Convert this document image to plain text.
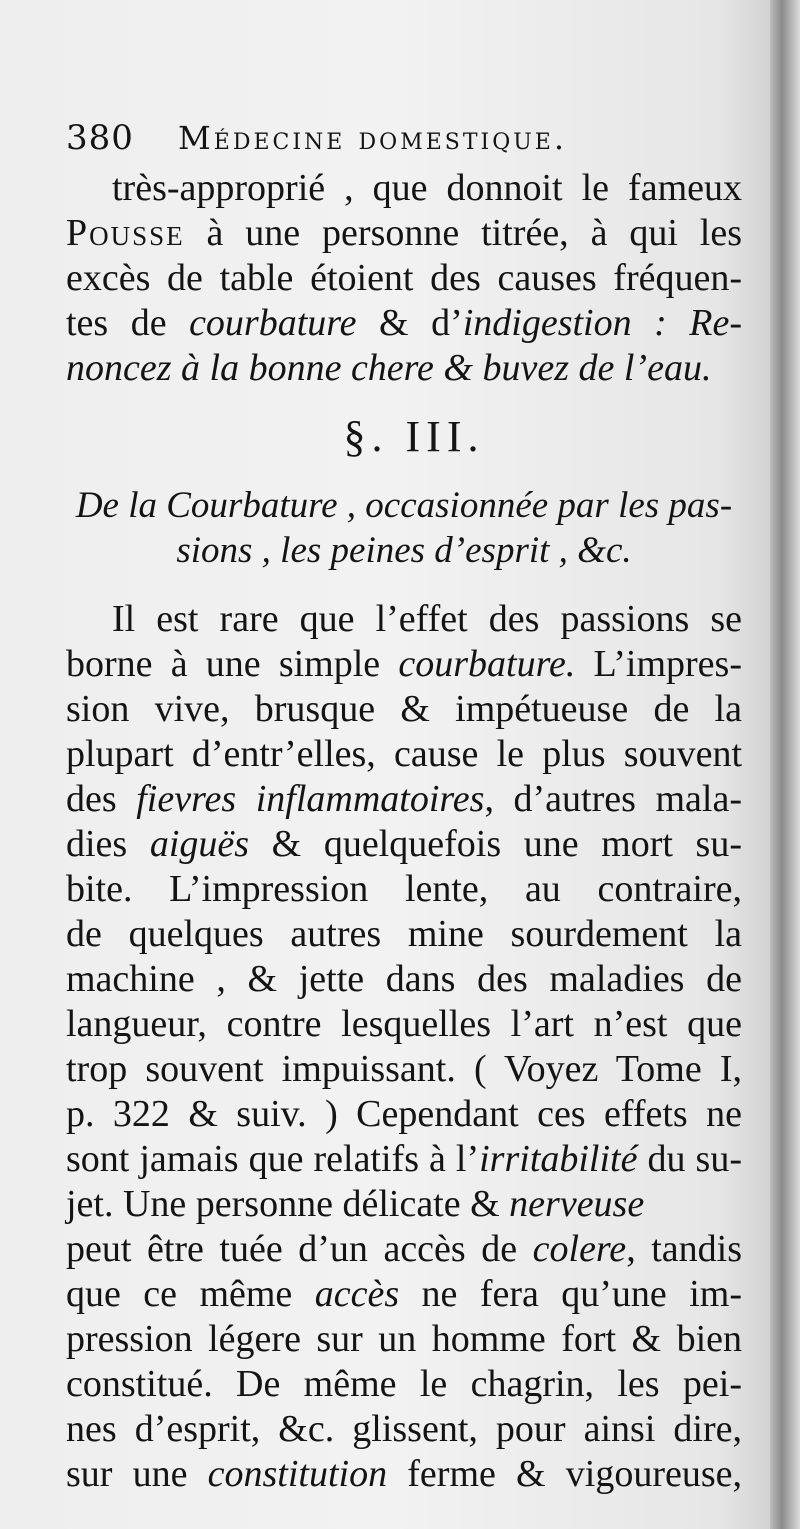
380	Médecine domestique.
très-approprié , que donnoit le fameux
Pousse à une personne titrée, à qui les
excès de table étoient des causes fréquen-
tes de courbature & d’indigestion : Re-
noncez à la bonne chere & buvez de l’eau.
§. III.
De la Courbature , occasionnée par les pas-
sions , les peines d’esprit , &c.
Il est rare que l’effet des passions se
borne à une simple courbature. L’impres-
sion vive, brusque & impétueuse de la
plupart d’entr’elles, cause le plus souvent
des fievres inflammatoires, d’autres mala-
dies aiguës & quelquefois une mort su-
bite. L’impression lente, au contraire,
de quelques autres mine sourdement la
machine , & jette dans des maladies de
langueur, contre lesquelles l’art n’est que
trop souvent impuissant. ( Voyez Tome I,
p. 322 & suiv. ) Cependant ces effets ne
sont jamais que relatifs à l’irritabilité du su-
jet. Une personne délicate & nerveuse
peut être tuée d’un accès de colere, tandis
que ce même accès ne fera qu’une im-
pression légere sur un homme fort & bien
constitué. De même le chagrin, les pei-
nes d’esprit, &c. glissent, pour ainsi dire,
sur une constitution ferme & vigoureuse,
